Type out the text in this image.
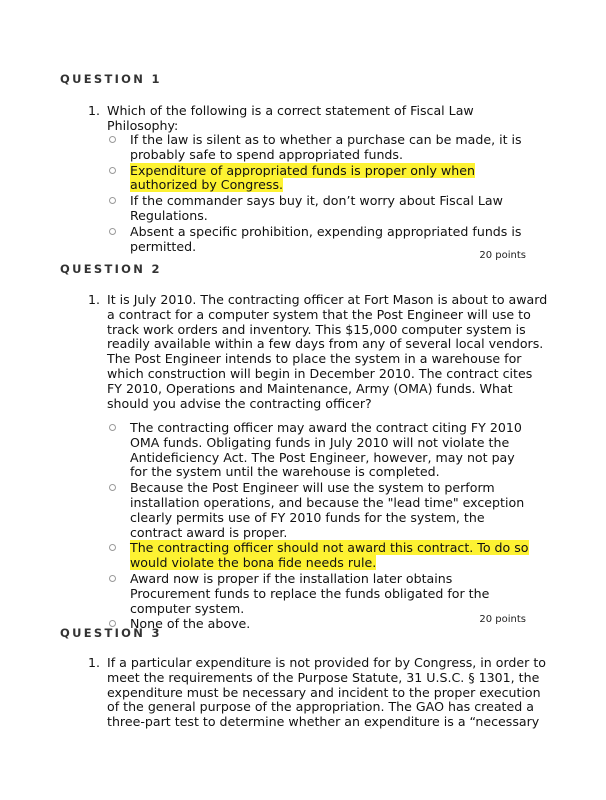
QUESTION 1
1. Which of the following is a correct statement of Fiscal Law Philosophy:
If the law is silent as to whether a purchase can be made, it is probably safe to spend appropriated funds.
Expenditure of appropriated funds is proper only when authorized by Congress.
If the commander says buy it, don’t worry about Fiscal Law Regulations.
Absent a specific prohibition, expending appropriated funds is permitted.

20 points

QUESTION 2
1. It is July 2010. The contracting officer at Fort Mason is about to award a contract for a computer system that the Post Engineer will use to track work orders and inventory. This $15,000 computer system is readily available within a few days from any of several local vendors. The Post Engineer intends to place the system in a warehouse for which construction will begin in December 2010. The contract cites FY 2010, Operations and Maintenance, Army (OMA) funds. What should you advise the contracting officer?
The contracting officer may award the contract citing FY 2010 OMA funds. Obligating funds in July 2010 will not violate the Antideficiency Act. The Post Engineer, however, may not pay for the system until the warehouse is completed.
Because the Post Engineer will use the system to perform installation operations, and because the "lead time" exception clearly permits use of FY 2010 funds for the system, the contract award is proper.
The contracting officer should not award this contract. To do so would violate the bona fide needs rule.
Award now is proper if the installation later obtains Procurement funds to replace the funds obligated for the computer system.
None of the above.	20 points

QUESTION 3
1. If a particular expenditure is not provided for by Congress, in order to meet the requirements of the Purpose Statute, 31 U.S.C. § 1301, the expenditure must be necessary and incident to the proper execution of the general purpose of the appropriation. The GAO has created a three-part test to determine whether an expenditure is a “necessary
